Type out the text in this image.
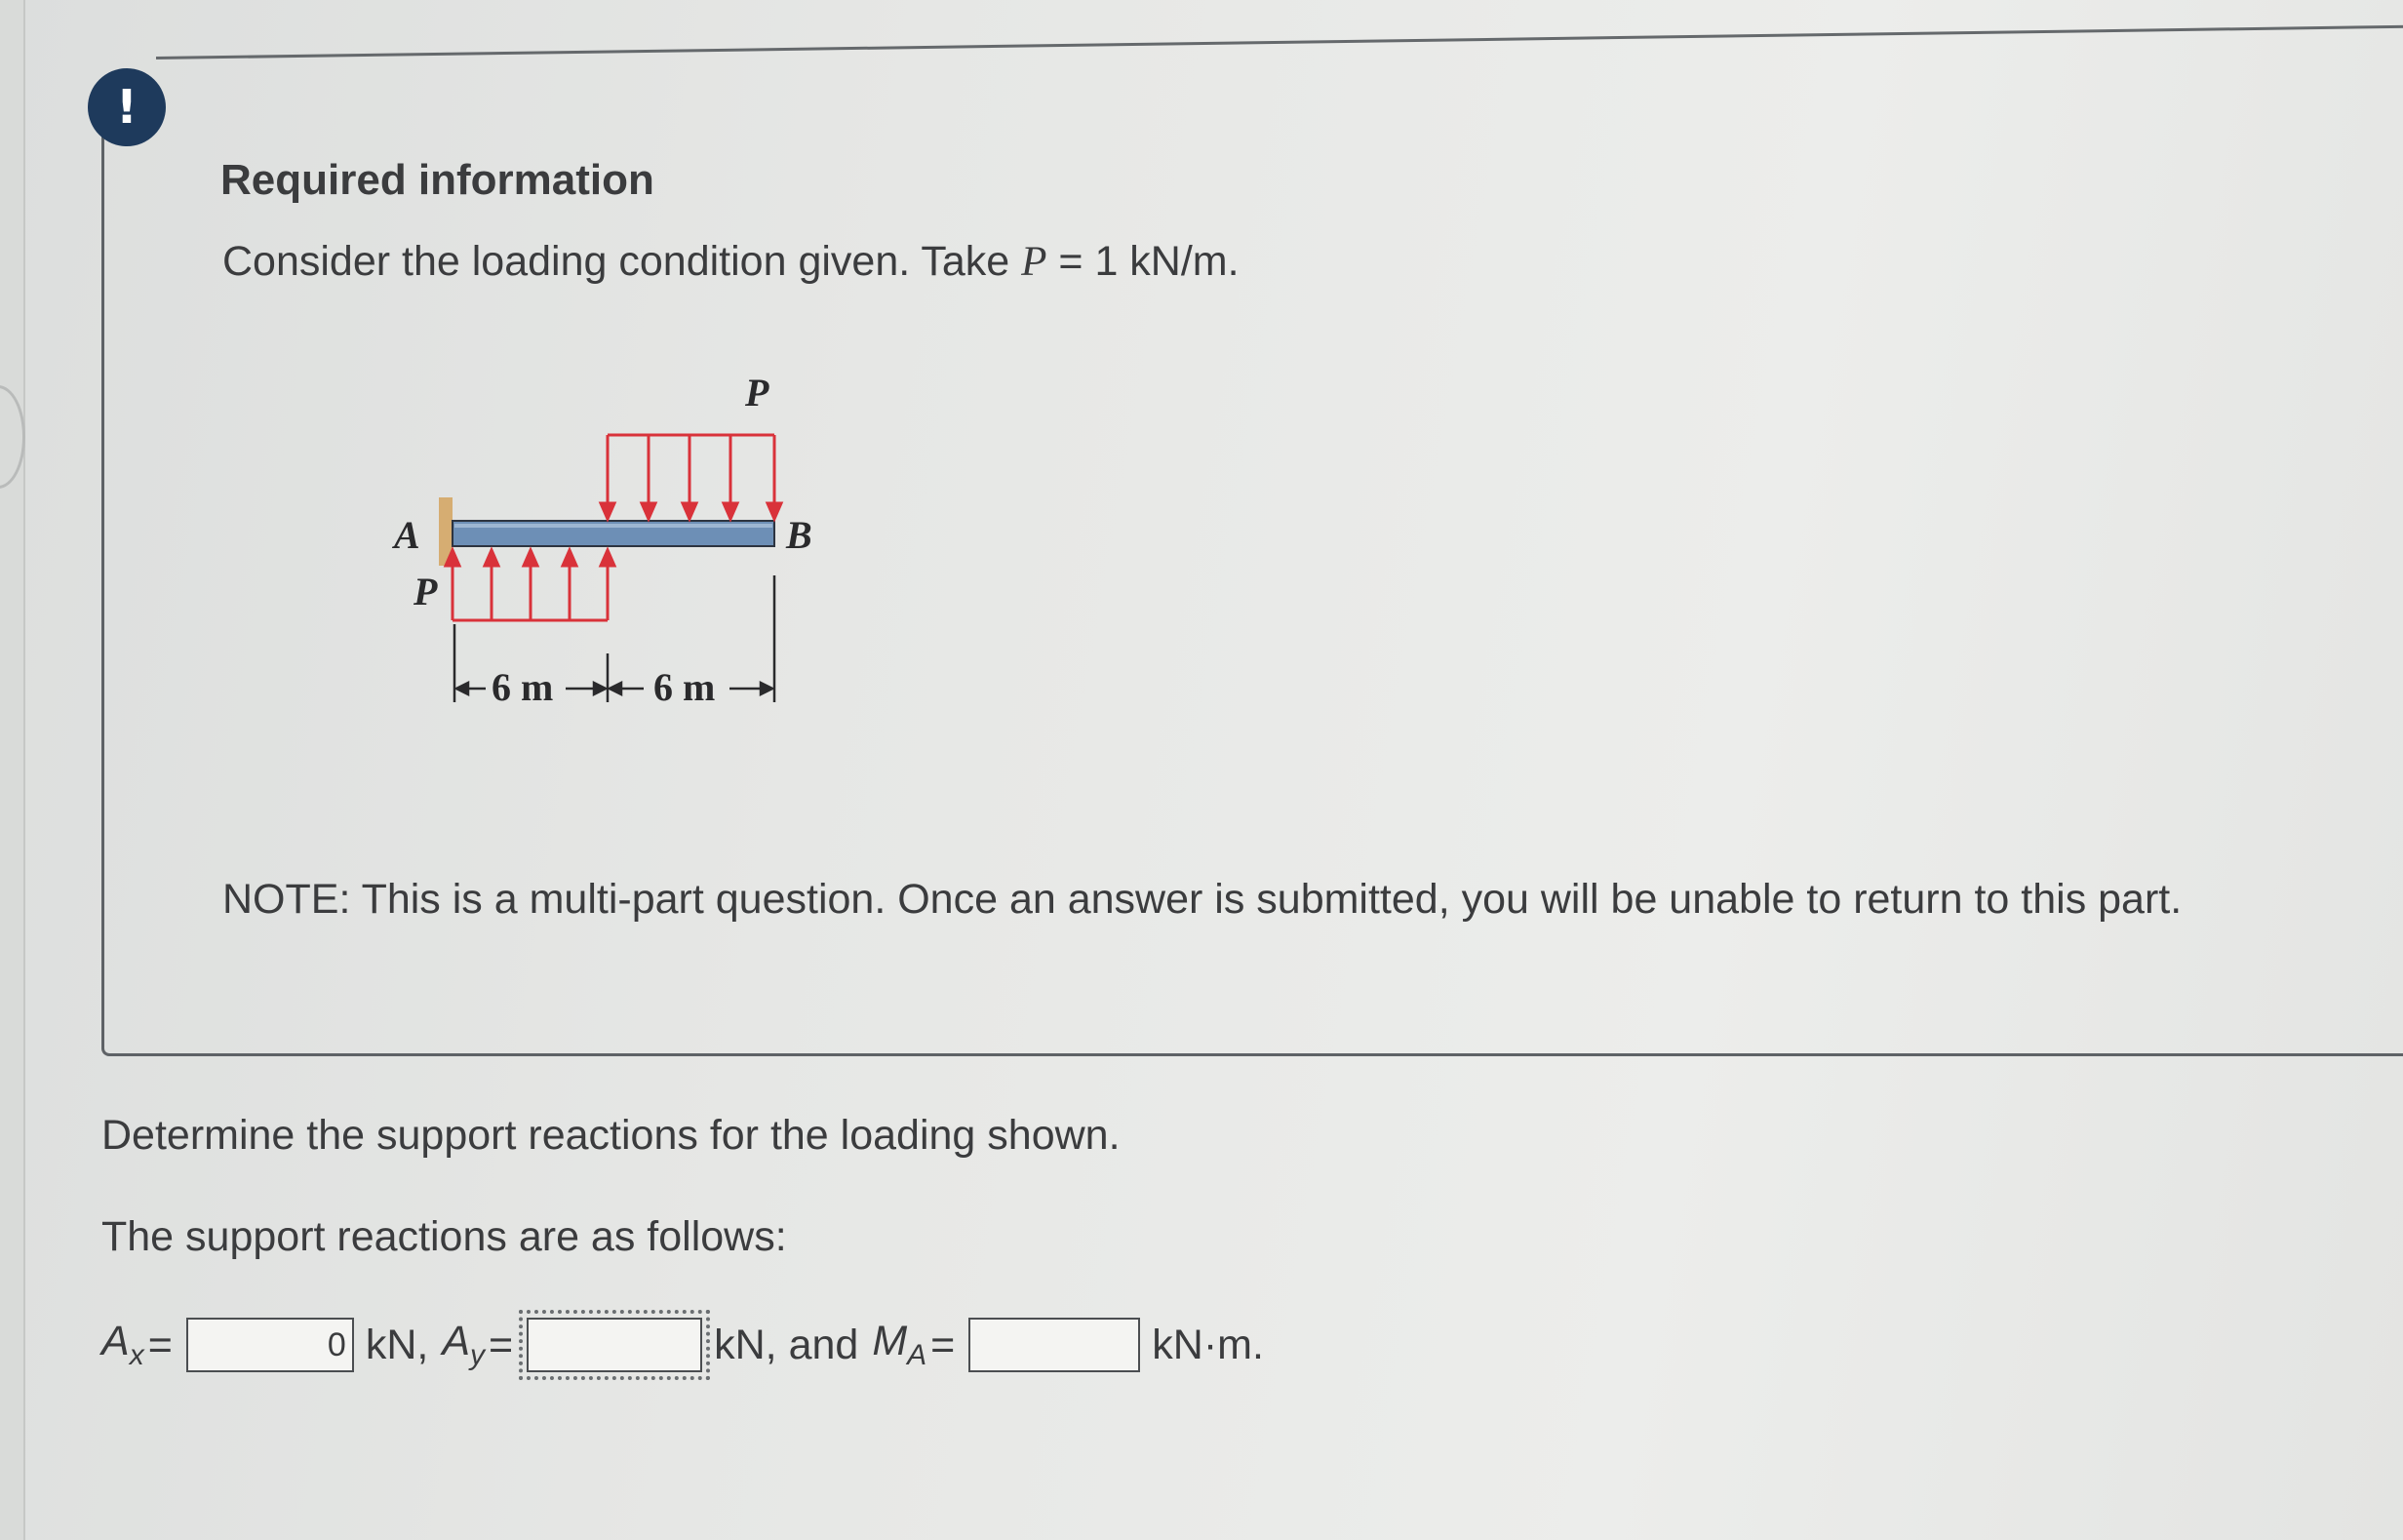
!
Required information
Consider the loading condition given. Take P = 1 kN/m.
A	B
P
P
6 m	6 m
NOTE: This is a multi-part question. Once an answer is submitted, you will be unable to return to this part.
Determine the support reactions for the loading shown.
The support reactions are as follows:
$A_x$ =
0	kN, $A_y$ =	kN, and $M_A$ =	kN·m.
